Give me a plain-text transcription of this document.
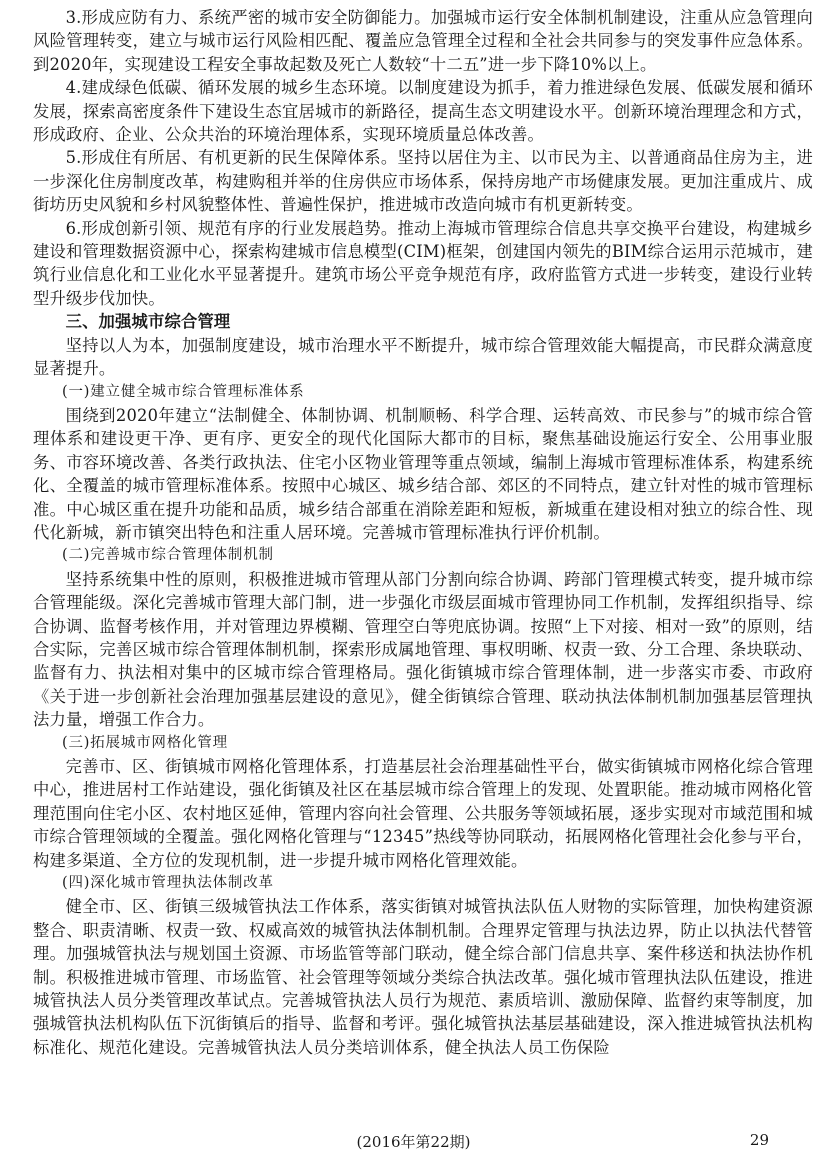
3.形成应防有力、系统严密的城市安全防御能力。加强城市运行安全体制机制建设，注重从应急管理向风险管理转变，建立与城市运行风险相匹配、覆盖应急管理全过程和全社会共同参与的突发事件应急体系。到2020年，实现建设工程安全事故起数及死亡人数较“十二五”进一步下降10%以上。

4.建成绿色低碳、循环发展的城乡生态环境。以制度建设为抓手，着力推进绿色发展、低碳发展和循环发展，探索高密度条件下建设生态宜居城市的新路径，提高生态文明建设水平。创新环境治理理念和方式，形成政府、企业、公众共治的环境治理体系，实现环境质量总体改善。

5.形成住有所居、有机更新的民生保障体系。坚持以居住为主、以市民为主、以普通商品住房为主，进一步深化住房制度改革，构建购租并举的住房供应市场体系，保持房地产市场健康发展。更加注重成片、成街坊历史风貌和乡村风貌整体性、普遍性保护，推进城市改造向城市有机更新转变。

6.形成创新引领、规范有序的行业发展趋势。推动上海城市管理综合信息共享交换平台建设，构建城乡建设和管理数据资源中心，探索构建城市信息模型(CIM)框架，创建国内领先的BIM综合运用示范城市，建筑行业信息化和工业化水平显著提升。建筑市场公平竞争规范有序，政府监管方式进一步转变，建设行业转型升级步伐加快。

三、加强城市综合管理

坚持以人为本，加强制度建设，城市治理水平不断提升，城市综合管理效能大幅提高，市民群众满意度显著提升。

(一)建立健全城市综合管理标准体系

围绕到2020年建立“法制健全、体制协调、机制顺畅、科学合理、运转高效、市民参与”的城市综合管理体系和建设更干净、更有序、更安全的现代化国际大都市的目标，聚焦基础设施运行安全、公用事业服务、市容环境改善、各类行政执法、住宅小区物业管理等重点领域，编制上海城市管理标准体系，构建系统化、全覆盖的城市管理标准体系。按照中心城区、城乡结合部、郊区的不同特点，建立针对性的城市管理标准。中心城区重在提升功能和品质，城乡结合部重在消除差距和短板，新城重在建设相对独立的综合性、现代化新城，新市镇突出特色和注重人居环境。完善城市管理标准执行评价机制。

(二)完善城市综合管理体制机制

坚持系统集中性的原则，积极推进城市管理从部门分割向综合协调、跨部门管理模式转变，提升城市综合管理能级。深化完善城市管理大部门制，进一步强化市级层面城市管理协同工作机制，发挥组织指导、综合协调、监督考核作用，并对管理边界模糊、管理空白等兜底协调。按照“上下对接、相对一致”的原则，结合实际，完善区城市综合管理体制机制，探索形成属地管理、事权明晰、权责一致、分工合理、条块联动、监督有力、执法相对集中的区城市综合管理格局。强化街镇城市综合管理体制，进一步落实市委、市政府《关于进一步创新社会治理加强基层建设的意见》，健全街镇综合管理、联动执法体制机制加强基层管理执法力量，增强工作合力。

(三)拓展城市网格化管理

完善市、区、街镇城市网格化管理体系，打造基层社会治理基础性平台，做实街镇城市网格化综合管理中心，推进居村工作站建设，强化街镇及社区在基层城市综合管理上的发现、处置职能。推动城市网格化管理范围向住宅小区、农村地区延伸，管理内容向社会管理、公共服务等领域拓展，逐步实现对市域范围和城市综合管理领域的全覆盖。强化网格化管理与“12345”热线等协同联动，拓展网格化管理社会化参与平台，构建多渠道、全方位的发现机制，进一步提升城市网格化管理效能。

(四)深化城市管理执法体制改革

健全市、区、街镇三级城管执法工作体系，落实街镇对城管执法队伍人财物的实际管理，加快构建资源整合、职责清晰、权责一致、权威高效的城管执法体制机制。合理界定管理与执法边界，防止以执法代替管理。加强城管执法与规划国土资源、市场监管等部门联动，健全综合部门信息共享、案件移送和执法协作机制。积极推进城市管理、市场监管、社会管理等领域分类综合执法改革。强化城市管理执法队伍建设，推进城管执法人员分类管理改革试点。完善城管执法人员行为规范、素质培训、激励保障、监督约束等制度，加强城管执法机构队伍下沉街镇后的指导、监督和考评。强化城管执法基层基础建设，深入推进城管执法机构标准化、规范化建设。完善城管执法人员分类培训体系，健全执法人员工伤保险

(2016年第22期)	29
